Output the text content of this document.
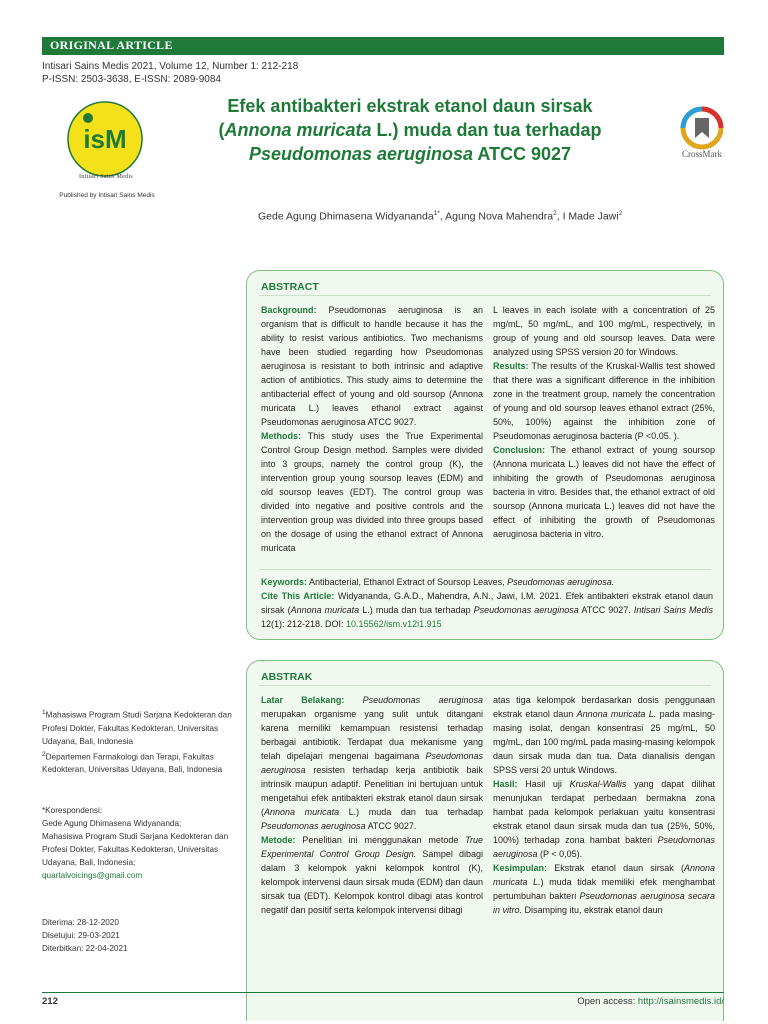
ORIGINAL ARTICLE
Intisari Sains Medis 2021, Volume 12, Number 1: 212-218
P-ISSN: 2503-3638, E-ISSN: 2089-9084
isM
Intisari Sains Medis
Published by Intisari Sains Medis
Efek antibakteri ekstrak etanol daun sirsak
(Annona muricata L.) muda dan tua terhadap
Pseudomonas aeruginosa ATCC 9027	CrossMark
Gede Agung Dhimasena Widyananda$^{1*}$, Agung Nova Mahendra$^2$, I Made Jawi$^2$
ABSTRACT

Background: Pseudomonas aeruginosa is an organism that is difficult to handle because it has the ability to resist various antibiotics. Two mechanisms have been studied regarding how Pseudomonas aeruginosa is resistant to both intrinsic and adaptive action of antibiotics. This study aims to determine the antibacterial effect of young and old soursop (Annona muricata L.) leaves ethanol extract against Pseudomonas aeruginosa ATCC 9027.

Methods: This study uses the True Experimental Control Group Design method. Samples were divided into 3 groups, namely the control group (K), the intervention group young soursop leaves (EDM) and old soursop leaves (EDT). The control group was divided into negative and positive controls and the intervention group was divided into three groups based on the dosage of using the ethanol extract of Annona muricata

L leaves in each isolate with a concentration of 25 mg/mL, 50 mg/mL, and 100 mg/mL, respectively, in group of young and old soursop leaves. Data were analyzed using SPSS version 20 for Windows.

Results: The results of the Kruskal-Wallis test showed that there was a significant difference in the inhibition zone in the treatment group, namely the concentration of young and old soursop leaves ethanol extract (25%, 50%, 100%) against the inhibition zone of Pseudomonas aeruginosa bacteria (P <0.05. ).

Conclusion: The ethanol extract of young soursop (Annona muricata L.) leaves did not have the effect of inhibiting the growth of Pseudomonas aeruginosa bacteria in vitro. Besides that, the ethanol extract of old soursop (Annona muricata L.) leaves did not have the effect of inhibiting the growth of Pseudomonas aeruginosa bacteria in vitro.

Keywords: Antibacterial, Ethanol Extract of Soursop Leaves, Pseudomonas aeruginosa.
Cite This Article: Widyananda, G.A.D., Mahendra, A.N., Jawi, I.M. 2021. Efek antibakteri ekstrak etanol daun sirsak (Annona muricata L.) muda dan tua terhadap Pseudomonas aeruginosa ATCC 9027. Intisari Sains Medis 12(1): 212-218. DOI: 10.15562/ism.v12i1.915
ABSTRAK

Latar Belakang: Pseudomonas aeruginosa merupakan organisme yang sulit untuk ditangani karena memiliki kemampuan resistensi terhadap berbagai antibiotik. Terdapat dua mekanisme yang telah dipelajari mengenai bagaimana Pseudomonas aeruginosa resisten terhadap kerja antibiotik baik intrinsik maupun adaptif. Penelitian ini bertujuan untuk mengetahui efek antibakteri ekstrak etanol daun sirsak (Annona muricata L.) muda dan tua terhadap Pseudomonas aeruginosa ATCC 9027.

Metode: Penelitian ini menggunakan metode True Experimental Control Group Design. Sampel dibagi dalam 3 kelompok yakni kelompok kontrol (K), kelompok intervensi daun sirsak muda (EDM) dan daun sirsak tua (EDT). Kelompok kontrol dibagi atas kontrol negatif dan positif serta kelompok intervensi dibagi

atas tiga kelompok berdasarkan dosis penggunaan ekstrak etanol daun Annona muricata L. pada masing-masing isolat, dengan konsentrasi 25 mg/mL, 50 mg/mL, dan 100 mg/mL pada masing-masing kelompok daun sirsak muda dan tua. Data dianalisis dengan SPSS versi 20 untuk Windows.

Hasil: Hasil uji Kruskal-Wallis yang dapat dilihat menunjukan terdapat perbedaan bermakna zona hambat pada kelompok perlakuan yaitu konsentrasi ekstrak etanol daun sirsak muda dan tua (25%, 50%, 100%) terhadap zona hambat bakteri Pseudomonas aeruginosa (P < 0,05).

Kesimpulan: Ekstrak etanol daun sirsak (Annona muricata L.) muda tidak memiliki efek menghambat pertumbuhan bakteri Pseudomonas aeruginosa secara in vitro. Disamping itu, ekstrak etanol daun

$^1$Mahasiswa Program Studi Sarjana Kedokteran dan Profesi Dokter, Fakultas Kedokteran, Universitas Udayana, Bali, Indonesia

$^2$Departemen Farmakologi dan Terapi, Fakultas Kedokteran, Universitas Udayana, Bali, Indonesia

*Korespondensi:
Gede Agung Dhimasena Widyananda;
Mahasiswa Program Studi Sarjana Kedokteran dan Profesi Dokter, Fakultas Kedokteran, Universitas Udayana, Bali, Indonesia;
quartalvoicings@gmail.com
Diterima: 28-12-2020
Disetujui: 29-03-2021
Diterbitkan: 22-04-2021
212	Open access: http://isainsmedis.id/
